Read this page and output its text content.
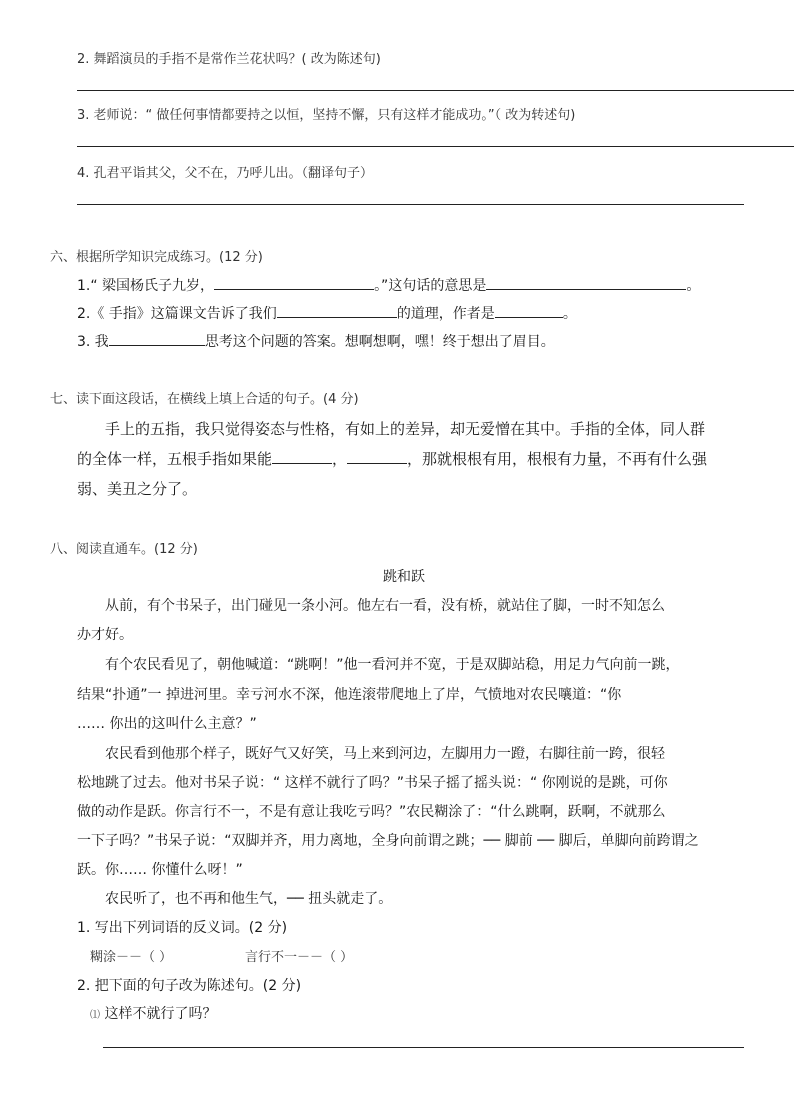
2. 舞蹈演员的手指不是常作兰花状吗？( 改为陈述句)
3. 老师说：“ 做任何事情都要持之以恒，坚持不懈，只有这样才能成功。”（ 改为转述句)
4. 孔君平诣其父，父不在，乃呼儿出。（翻译句子）
六、根据所学知识完成练习。(12 分)
1.“ 梁国杨氏子九岁，	。”这句话的意思是	。
2.《 手指》这篇课文告诉了我们	的道理，作者是	。
3. 我	思考这个问题的答案。想啊想啊，嘿！终于想出了眉目。
七、读下面这段话，在横线上填上合适的句子。(4 分)
手上的五指，我只觉得姿态与性格，有如上的差异，却无爱憎在其中。手指的全体，同人群
的全体一样，五根手指如果能	，	，那就根根有用，根根有力量，不再有什么强
弱、美丑之分了。
八、阅读直通车。(12 分)
跳和跃
从前，有个书呆子，出门碰见一条小河。他左右一看，没有桥，就站住了脚，一时不知怎么
办才好。
有个农民看见了，朝他喊道：“跳啊！”他一看河并不宽，于是双脚站稳，用足力气向前一跳，
结果“扑通”一 掉进河里。幸亏河水不深，他连滚带爬地上了岸，气愤地对农民嚷道：“你
…… 你出的这叫什么主意？”
农民看到他那个样子，既好气又好笑，马上来到河边，左脚用力一蹬，右脚往前一跨，很轻
松地跳了过去。他对书呆子说：“ 这样不就行了吗？”书呆子摇了摇头说：“ 你刚说的是跳，可你
做的动作是跃。你言行不一，不是有意让我吃亏吗？”农民糊涂了：“什么跳啊，跃啊，不就那么
一下子吗？”书呆子说：“双脚并齐，用力离地，全身向前谓之跳；── 脚前 ── 脚后，单脚向前跨谓之
跃。你…… 你懂什么呀！”
农民听了，也不再和他生气，── 扭头就走了。
1. 写出下列词语的反义词。(2 分)
糊涂－－（ ）	言行不一－－（ ）
2. 把下面的句子改为陈述句。(2 分)
⑴ 这样不就行了吗？
